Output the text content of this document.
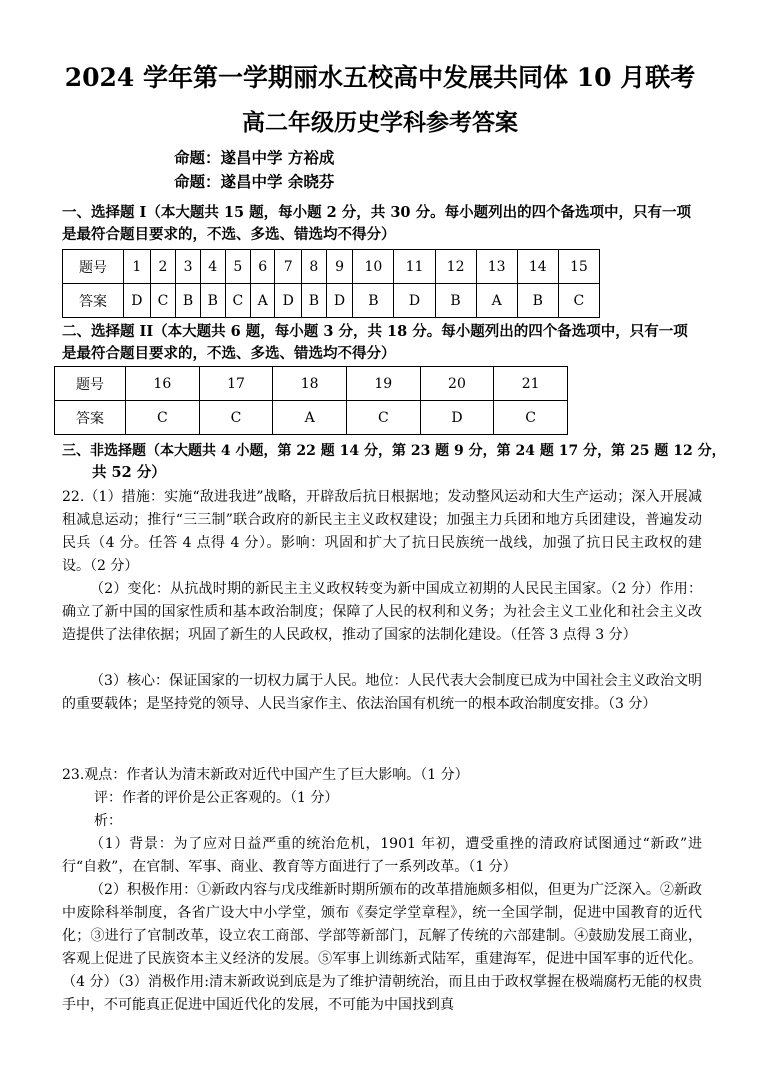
2024 学年第一学期丽水五校高中发展共同体 10 月联考
高二年级历史学科参考答案
命题：遂昌中学 方裕成
命题：遂昌中学 余晓芬
一、选择题 I（本大题共 15 题，每小题 2 分，共 30 分。每小题列出的四个备选项中，只有一项
是最符合题目要求的，不选、多选、错选均不得分）
题号	1	2	3	4	5	6	7	8	9	10	11	12	13	14	15
答案	D	C	B	B	C	A	D	B	D	B	D	B	A	B	C
二、选择题 II（本大题共 6 题，每小题 3 分，共 18 分。每小题列出的四个备选项中，只有一项
是最符合题目要求的，不选、多选、错选均不得分）
题号	16	17	18	19	20	21
答案	C	C	A	C	D	C
三、非选择题（本大题共 4 小题，第 22 题 14 分，第 23 题 9 分，第 24 题 17 分，第 25 题 12 分，
共 52 分）
22.（1）措施：实施“敌进我进”战略，开辟敌后抗日根据地；发动整风运动和大生产运动；深入开展减租减息运动；推行“三三制”联合政府的新民主主义政权建设；加强主力兵团和地方兵团建设，普遍发动民兵（4 分。任答 4 点得 4 分）。影响：巩固和扩大了抗日民族统一战线，加强了抗日民主政权的建设。（2 分）
（2）变化：从抗战时期的新民主主义政权转变为新中国成立初期的人民民主国家。（2 分）作用：确立了新中国的国家性质和基本政治制度；保障了人民的权利和义务；为社会主义工业化和社会主义改造提供了法律依据；巩固了新生的人民政权，推动了国家的法制化建设。（任答 3 点得 3 分）
（3）核心：保证国家的一切权力属于人民。地位：人民代表大会制度已成为中国社会主义政治文明的重要载体；是坚持党的领导、人民当家作主、依法治国有机统一的根本政治制度安排。（3 分）
23.观点：作者认为清末新政对近代中国产生了巨大影响。（1 分）
评：作者的评价是公正客观的。（1 分）
析：
（1）背景：为了应对日益严重的统治危机，1901 年初，遭受重挫的清政府试图通过“新政”进行“自救”，在官制、军事、商业、教育等方面进行了一系列改革。（1 分）
（2）积极作用：①新政内容与戊戌维新时期所颁布的改革措施颇多相似，但更为广泛深入。②新政中废除科举制度，各省广设大中小学堂，颁布《奏定学堂章程》，统一全国学制，促进中国教育的近代化；③进行了官制改革，设立农工商部、学部等新部门，瓦解了传统的六部建制。④鼓励发展工商业，客观上促进了民族资本主义经济的发展。⑤军事上训练新式陆军，重建海军，促进中国军事的近代化。（4 分）（3）消极作用:清末新政说到底是为了维护清朝统治，而且由于政权掌握在极端腐朽无能的权贵手中，不可能真正促进中国近代化的发展，不可能为中国找到真
